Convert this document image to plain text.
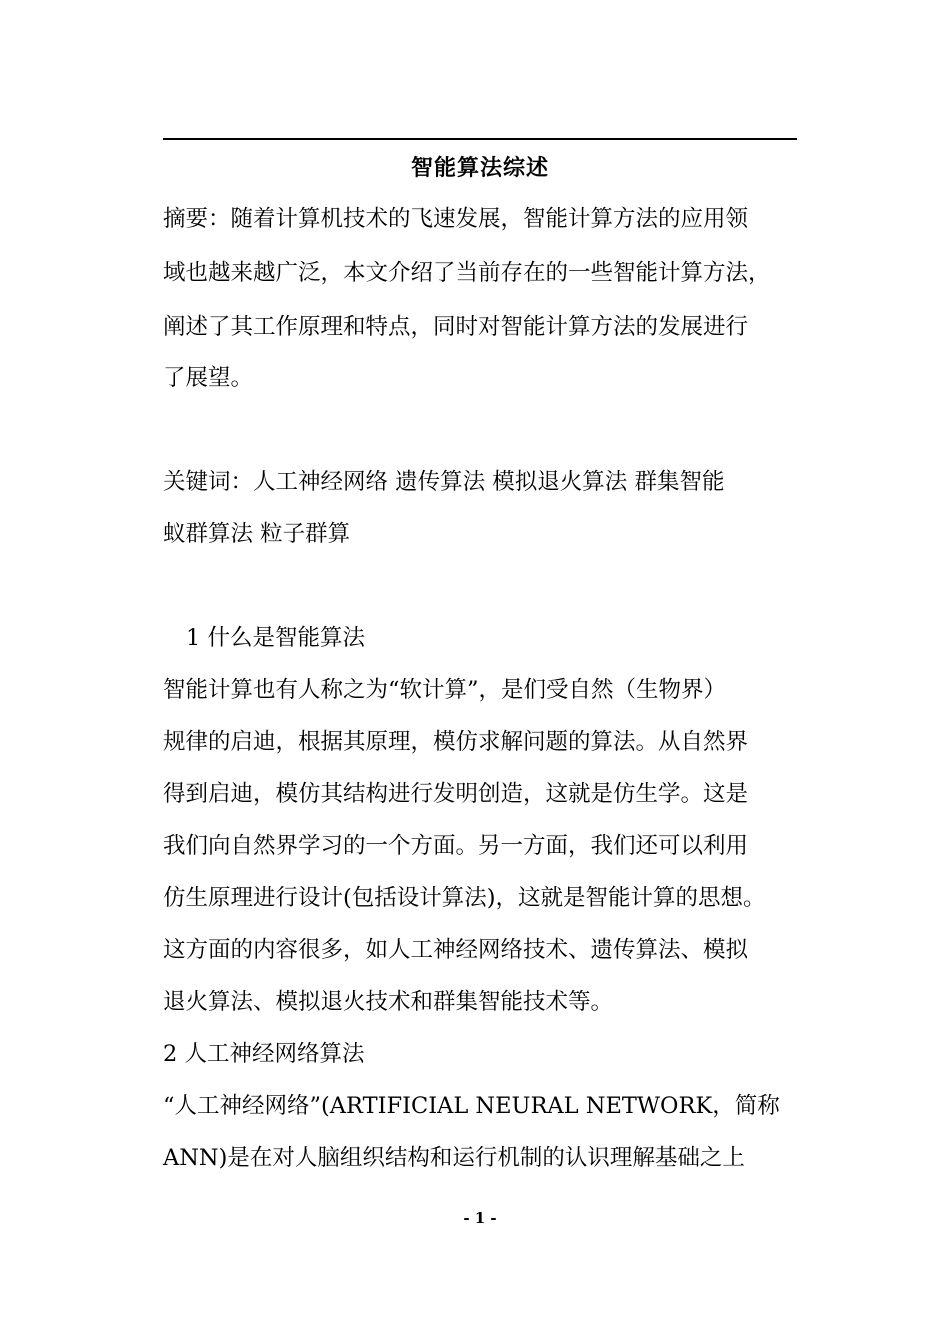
智能算法综述
摘要：随着计算机技术的飞速发展，智能计算方法的应用领
域也越来越广泛，本文介绍了当前存在的一些智能计算方法，
阐述了其工作原理和特点，同时对智能计算方法的发展进行
了展望。
关键词：人工神经网络 遗传算法 模拟退火算法 群集智能
蚁群算法 粒子群算
1 什么是智能算法
智能计算也有人称之为“软计算”，是们受自然（生物界）
规律的启迪，根据其原理，模仿求解问题的算法。从自然界
得到启迪，模仿其结构进行发明创造，这就是仿生学。这是
我们向自然界学习的一个方面。另一方面，我们还可以利用
仿生原理进行设计(包括设计算法)，这就是智能计算的思想。
这方面的内容很多，如人工神经网络技术、遗传算法、模拟
退火算法、模拟退火技术和群集智能技术等。
2 人工神经网络算法
“人工神经网络”(ARTIFICIAL NEURAL NETWORK，简称
ANN)是在对人脑组织结构和运行机制的认识理解基础之上
- 1 -
